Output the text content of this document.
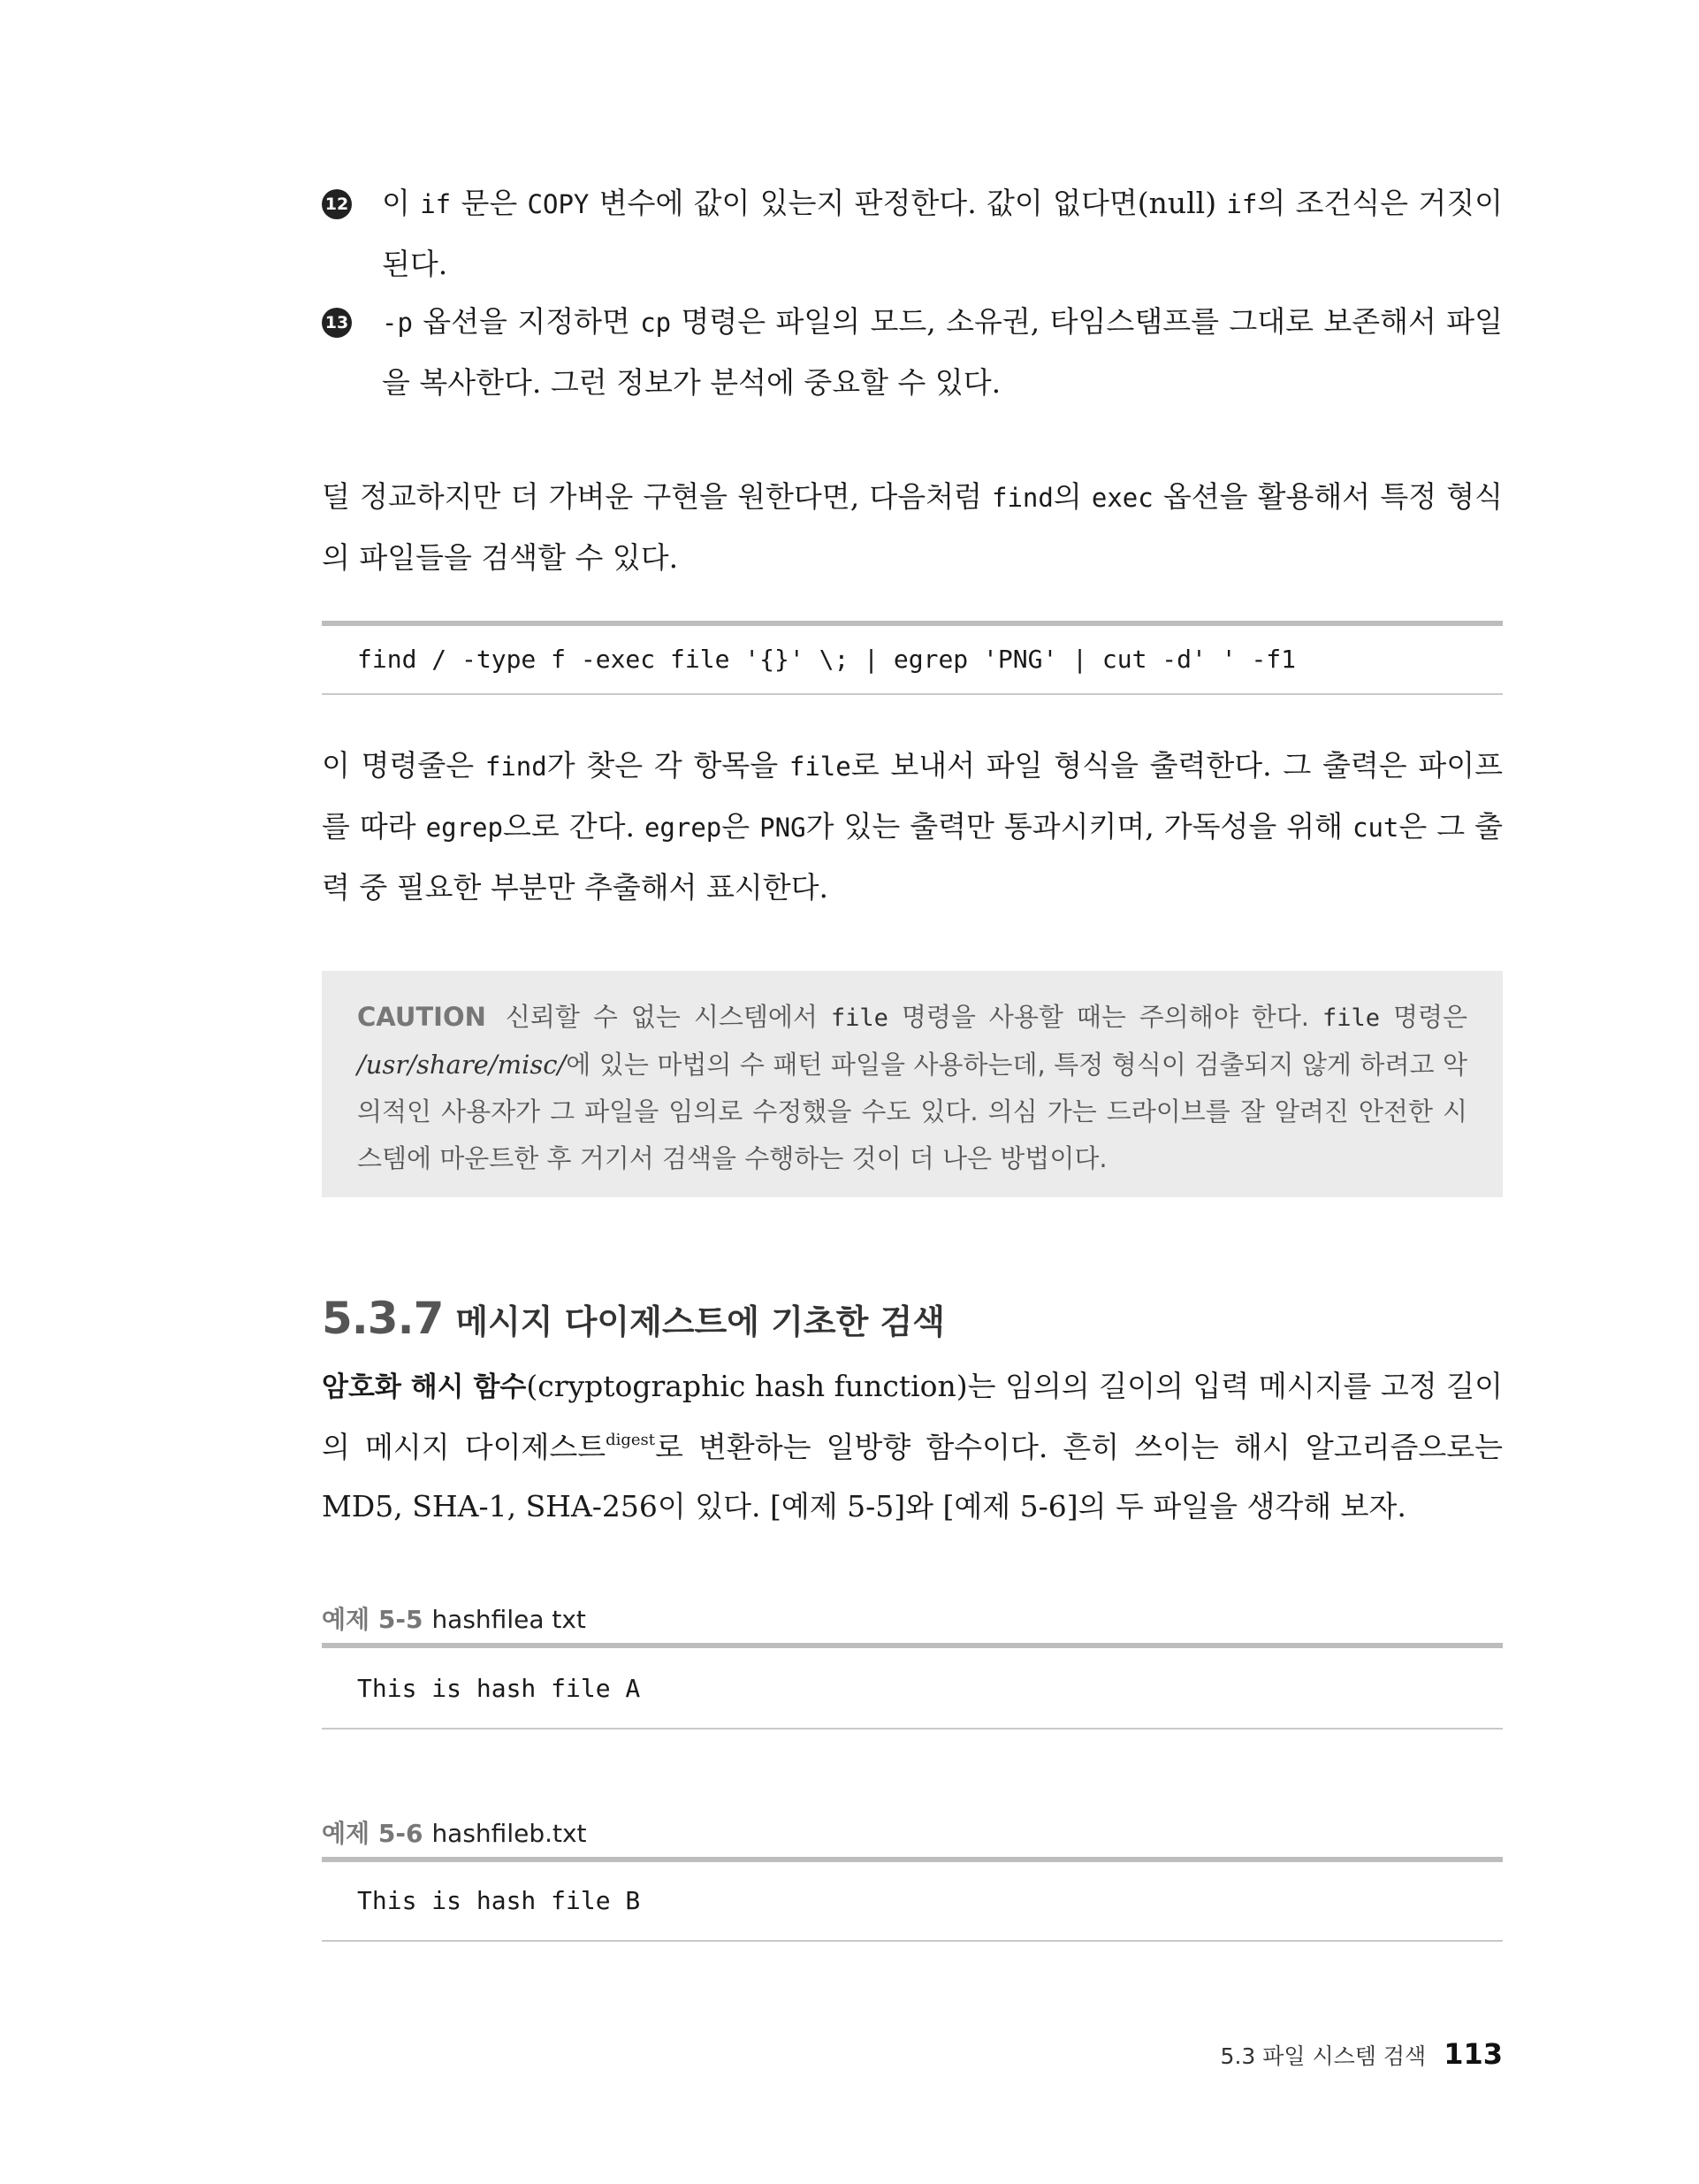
12 이 if 문은 COPY 변수에 값이 있는지 판정한다. 값이 없다면(null) if의 조건식은 거짓이 된다.
13 -p 옵션을 지정하면 cp 명령은 파일의 모드, 소유권, 타임스탬프를 그대로 보존해서 파일을 복사한다. 그런 정보가 분석에 중요할 수 있다.
덜 정교하지만 더 가벼운 구현을 원한다면, 다음처럼 find의 exec 옵션을 활용해서 특정 형식의 파일들을 검색할 수 있다.
find / -type f -exec file '{}' \; | egrep 'PNG' | cut -d' ' -f1
이 명령줄은 find가 찾은 각 항목을 file로 보내서 파일 형식을 출력한다. 그 출력은 파이프를 따라 egrep으로 간다. egrep은 PNG가 있는 출력만 통과시키며, 가독성을 위해 cut은 그 출력 중 필요한 부분만 추출해서 표시한다.
CAUTION 신뢰할 수 없는 시스템에서 file 명령을 사용할 때는 주의해야 한다. file 명령은 /usr/share/misc/에 있는 마법의 수 패턴 파일을 사용하는데, 특정 형식이 검출되지 않게 하려고 악의적인 사용자가 그 파일을 임의로 수정했을 수도 있다. 의심 가는 드라이브를 잘 알려진 안전한 시스템에 마운트한 후 거기서 검색을 수행하는 것이 더 나은 방법이다.
5.3.7 메시지 다이제스트에 기초한 검색
암호화 해시 함수(cryptographic hash function)는 임의의 길이의 입력 메시지를 고정 길이의 메시지 다이제스트$^{digest}$로 변환하는 일방향 함수이다. 흔히 쓰이는 해시 알고리즘으로는 MD5, SHA-1, SHA-256이 있다. [예제 5-5]와 [예제 5-6]의 두 파일을 생각해 보자.
예제 5-5 hashfilea txt
This is hash file A
예제 5-6 hashfileb.txt
This is hash file B
5.3 파일 시스템 검색 113
